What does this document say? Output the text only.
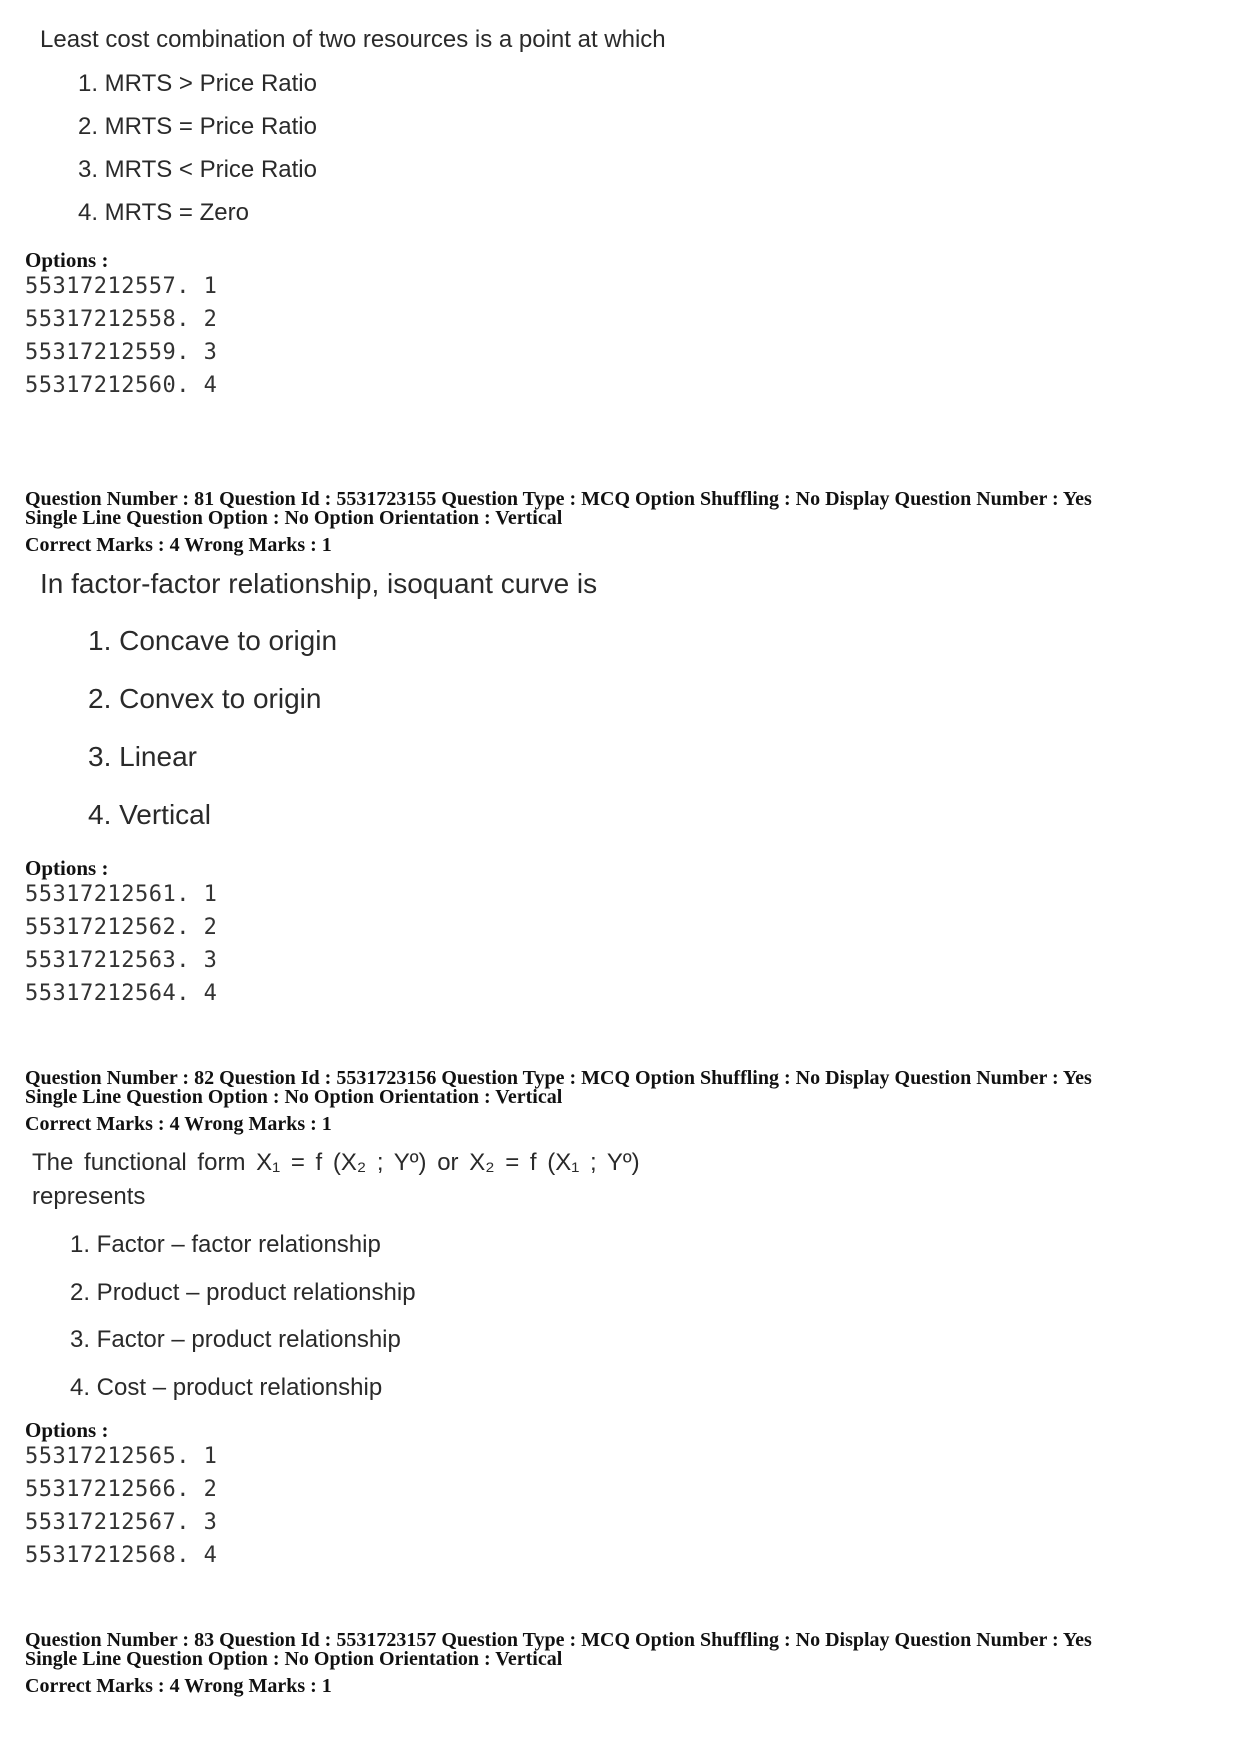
Least cost combination of two resources is a point at which
1. MRTS > Price Ratio
2. MRTS = Price Ratio
3. MRTS < Price Ratio
4. MRTS = Zero
Options :
55317212557. 1
55317212558. 2
55317212559. 3
55317212560. 4
Question Number : 81 Question Id : 5531723155 Question Type : MCQ Option Shuffling : No Display Question Number : Yes
Single Line Question Option : No Option Orientation : Vertical
Correct Marks : 4 Wrong Marks : 1
In factor-factor relationship, isoquant curve is
1. Concave to origin
2. Convex to origin
3. Linear
4. Vertical
Options :
55317212561. 1
55317212562. 2
55317212563. 3
55317212564. 4
Question Number : 82 Question Id : 5531723156 Question Type : MCQ Option Shuffling : No Display Question Number : Yes
Single Line Question Option : No Option Orientation : Vertical
Correct Marks : 4 Wrong Marks : 1
The functional form X₁ = f (X₂ ; Yº) or X₂ = f (X₁ ; Yº)
represents
1. Factor – factor relationship
2. Product – product relationship
3. Factor – product relationship
4. Cost – product relationship
Options :
55317212565. 1
55317212566. 2
55317212567. 3
55317212568. 4
Question Number : 83 Question Id : 5531723157 Question Type : MCQ Option Shuffling : No Display Question Number : Yes
Single Line Question Option : No Option Orientation : Vertical
Correct Marks : 4 Wrong Marks : 1
